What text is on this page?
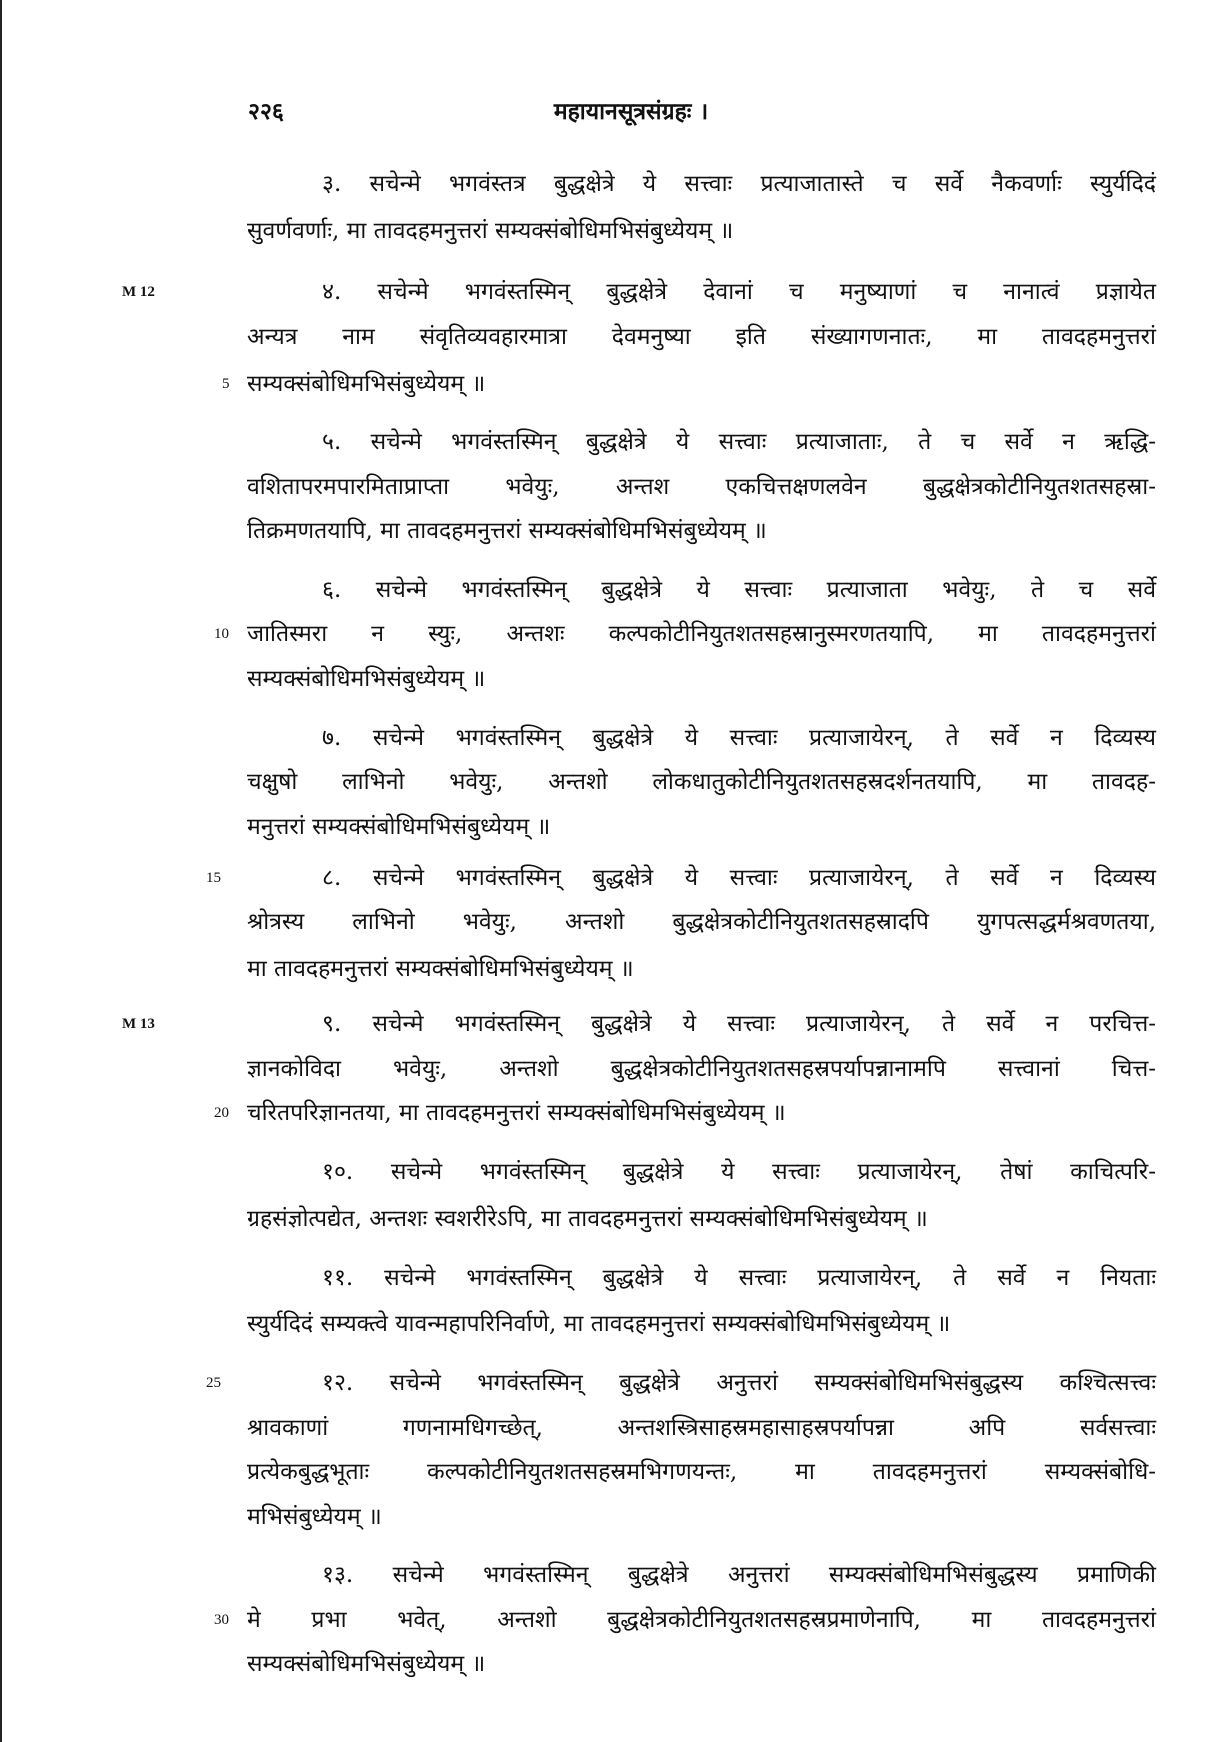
२२६	महायानसूत्रसंग्रहः ।
३. सचेन्मे भगवंस्तत्र बुद्धक्षेत्रे ये सत्त्वाः प्रत्याजातास्ते च सर्वे नैकवर्णाः स्युर्यदिदं
सुवर्णवर्णाः, मा तावदहमनुत्तरां सम्यक्संबोधिमभिसंबुध्येयम् ॥
४. सचेन्मे भगवंस्तस्मिन् बुद्धक्षेत्रे देवानां च मनुष्याणां च नानात्वं प्रज्ञायेत
अन्यत्र नाम संवृतिव्यवहारमात्रा देवमनुष्या इति संख्यागणनातः, मा तावदहमनुत्तरां
सम्यक्संबोधिमभिसंबुध्येयम् ॥
५. सचेन्मे भगवंस्तस्मिन् बुद्धक्षेत्रे ये सत्त्वाः प्रत्याजाताः, ते च सर्वे न ऋद्धि-
वशितापरमपारमिताप्राप्ता भवेयुः, अन्तश एकचित्तक्षणलवेन बुद्धक्षेत्रकोटीनियुतशतसहस्रा-
तिक्रमणतयापि, मा तावदहमनुत्तरां सम्यक्संबोधिमभिसंबुध्येयम् ॥
६. सचेन्मे भगवंस्तस्मिन् बुद्धक्षेत्रे ये सत्त्वाः प्रत्याजाता भवेयुः, ते च सर्वे
जातिस्मरा न स्युः, अन्तशः कल्पकोटीनियुतशतसहस्रानुस्मरणतयापि, मा तावदहमनुत्तरां
सम्यक्संबोधिमभिसंबुध्येयम् ॥
७. सचेन्मे भगवंस्तस्मिन् बुद्धक्षेत्रे ये सत्त्वाः प्रत्याजायेरन्, ते सर्वे न दिव्यस्य
चक्षुषो लाभिनो भवेयुः, अन्तशो लोकधातुकोटीनियुतशतसहस्रदर्शनतयापि, मा तावदह-
मनुत्तरां सम्यक्संबोधिमभिसंबुध्येयम् ॥
८. सचेन्मे भगवंस्तस्मिन् बुद्धक्षेत्रे ये सत्त्वाः प्रत्याजायेरन्, ते सर्वे न दिव्यस्य
श्रोत्रस्य लाभिनो भवेयुः, अन्तशो बुद्धक्षेत्रकोटीनियुतशतसहस्रादपि युगपत्सद्धर्मश्रवणतया,
मा तावदहमनुत्तरां सम्यक्संबोधिमभिसंबुध्येयम् ॥
९. सचेन्मे भगवंस्तस्मिन् बुद्धक्षेत्रे ये सत्त्वाः प्रत्याजायेरन्, ते सर्वे न परचित्त-
ज्ञानकोविदा भवेयुः, अन्तशो बुद्धक्षेत्रकोटीनियुतशतसहस्रपर्यापन्नानामपि सत्त्वानां चित्त-
चरितपरिज्ञानतया, मा तावदहमनुत्तरां सम्यक्संबोधिमभिसंबुध्येयम् ॥
१०. सचेन्मे भगवंस्तस्मिन् बुद्धक्षेत्रे ये सत्त्वाः प्रत्याजायेरन्, तेषां काचित्परि-
ग्रहसंज्ञोत्पद्येत, अन्तशः स्वशरीरेऽपि, मा तावदहमनुत्तरां सम्यक्संबोधिमभिसंबुध्येयम् ॥
११. सचेन्मे भगवंस्तस्मिन् बुद्धक्षेत्रे ये सत्त्वाः प्रत्याजायेरन्, ते सर्वे न नियताः
स्युर्यदिदं सम्यक्त्वे यावन्महापरिनिर्वाणे, मा तावदहमनुत्तरां सम्यक्संबोधिमभिसंबुध्येयम् ॥
१२. सचेन्मे भगवंस्तस्मिन् बुद्धक्षेत्रे अनुत्तरां सम्यक्संबोधिमभिसंबुद्धस्य कश्चित्सत्त्वः
श्रावकाणां गणनामधिगच्छेत्, अन्तशस्त्रिसाहस्रमहासाहस्रपर्यापन्ना अपि सर्वसत्त्वाः
प्रत्येकबुद्धभूताः कल्पकोटीनियुतशतसहस्रमभिगणयन्तः, मा तावदहमनुत्तरां सम्यक्संबोधि-
मभिसंबुध्येयम् ॥
१३. सचेन्मे भगवंस्तस्मिन् बुद्धक्षेत्रे अनुत्तरां सम्यक्संबोधिमभिसंबुद्धस्य प्रमाणिकी
मे प्रभा भवेत्, अन्तशो बुद्धक्षेत्रकोटीनियुतशतसहस्रप्रमाणेनापि, मा तावदहमनुत्तरां
सम्यक्संबोधिमभिसंबुध्येयम् ॥
5
10
15
20
25
30
M 12
M 13
